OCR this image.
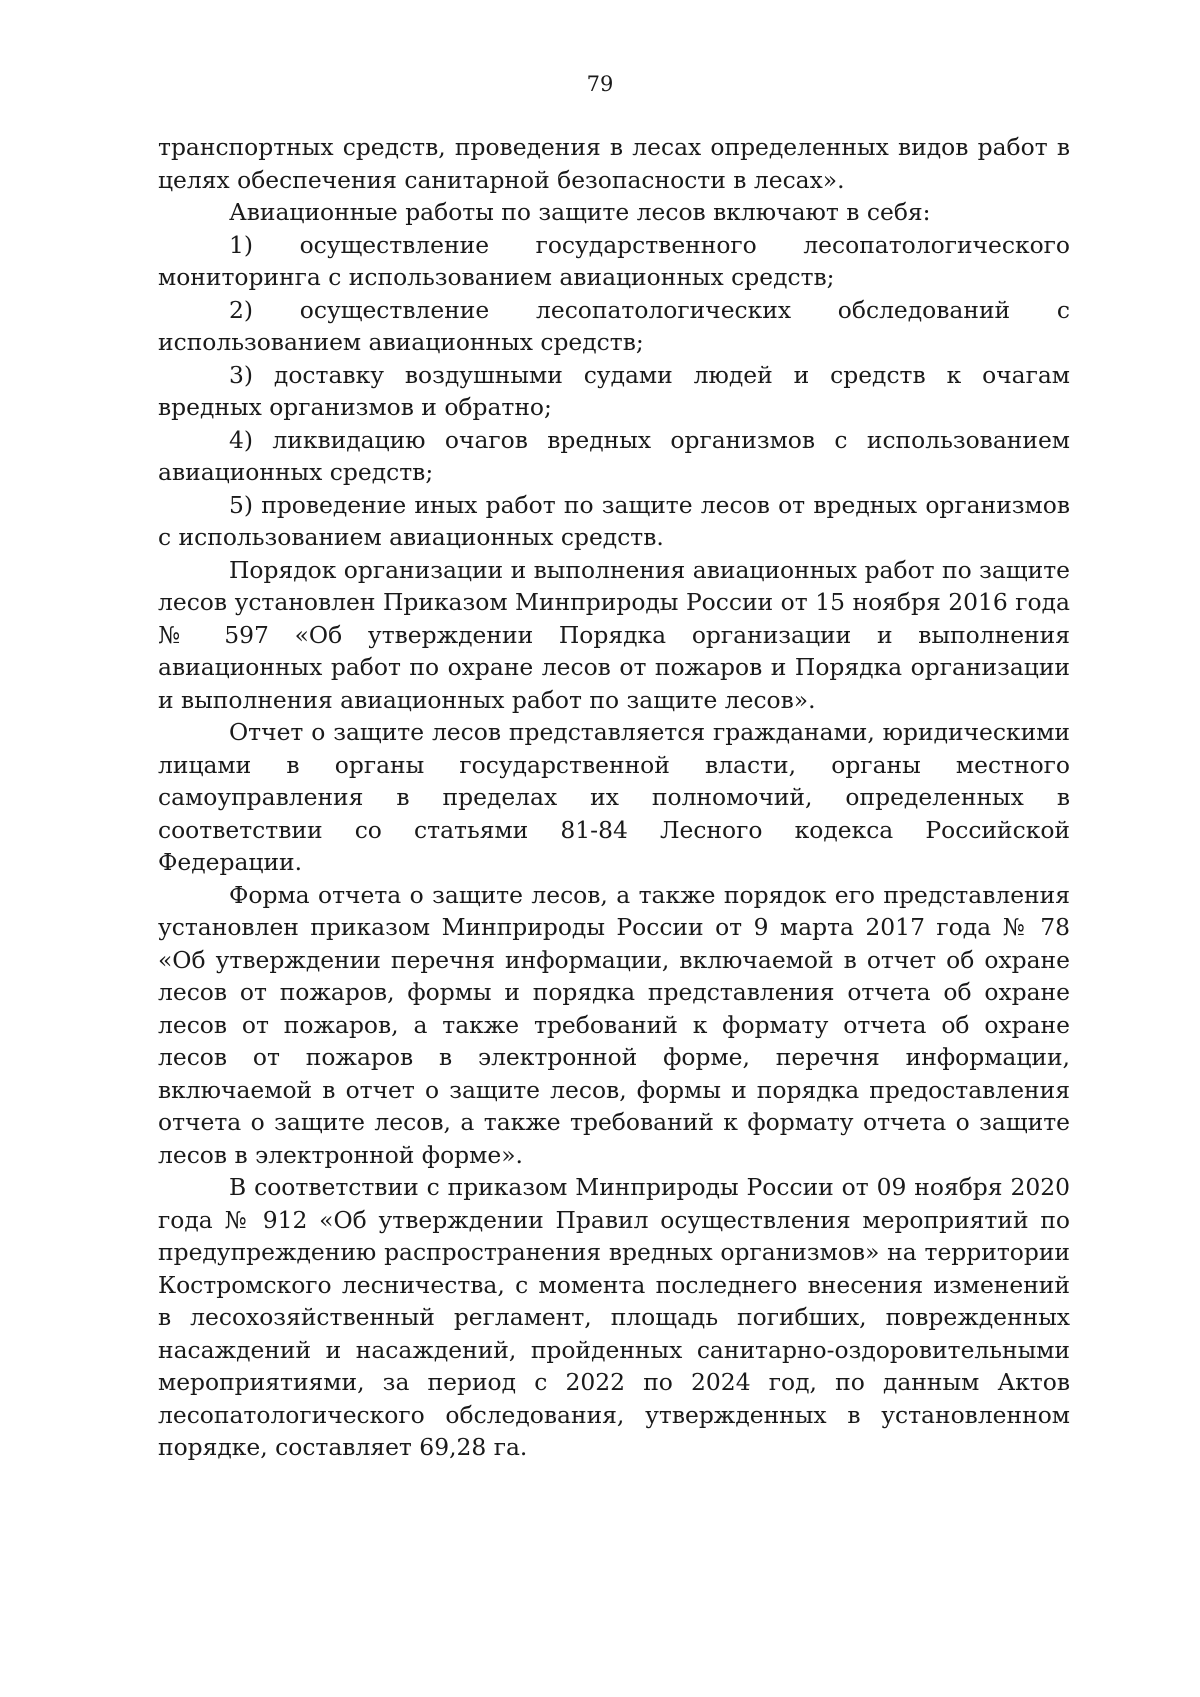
79

транспортных средств, проведения в лесах определенных видов работ в целях обеспечения санитарной безопасности в лесах».

Авиационные работы по защите лесов включают в себя:

1) осуществление государственного лесопатологического мониторинга с использованием авиационных средств;

2) осуществление лесопатологических обследований с использованием авиационных средств;

3) доставку воздушными судами людей и средств к очагам вредных организмов и обратно;

4) ликвидацию очагов вредных организмов с использованием авиационных средств;

5) проведение иных работ по защите лесов от вредных организмов с использованием авиационных средств.

Порядок организации и выполнения авиационных работ по защите лесов установлен Приказом Минприроды России от 15 ноября 2016 года № 597 «Об утверждении Порядка организации и выполнения авиационных работ по охране лесов от пожаров и Порядка организации и выполнения авиационных работ по защите лесов».

Отчет о защите лесов представляется гражданами, юридическими лицами в органы государственной власти, органы местного самоуправления в пределах их полномочий, определенных в соответствии со статьями 81-84 Лесного кодекса Российской Федерации.

Форма отчета о защите лесов, а также порядок его представления установлен приказом Минприроды России от 9 марта 2017 года № 78 «Об утверждении перечня информации, включаемой в отчет об охране лесов от пожаров, формы и порядка представления отчета об охране лесов от пожаров, а также требований к формату отчета об охране лесов от пожаров в электронной форме, перечня информации, включаемой в отчет о защите лесов, формы и порядка предоставления отчета о защите лесов, а также требований к формату отчета о защите лесов в электронной форме».

В соответствии с приказом Минприроды России от 09 ноября 2020 года № 912 «Об утверждении Правил осуществления мероприятий по предупреждению распространения вредных организмов» на территории Костромского лесничества, с момента последнего внесения изменений в лесохозяйственный регламент, площадь погибших, поврежденных насаждений и насаждений, пройденных санитарно-оздоровительными мероприятиями, за период с 2022 по 2024 год, по данным Актов лесопатологического обследования, утвержденных в установленном порядке, составляет 69,28 га.
